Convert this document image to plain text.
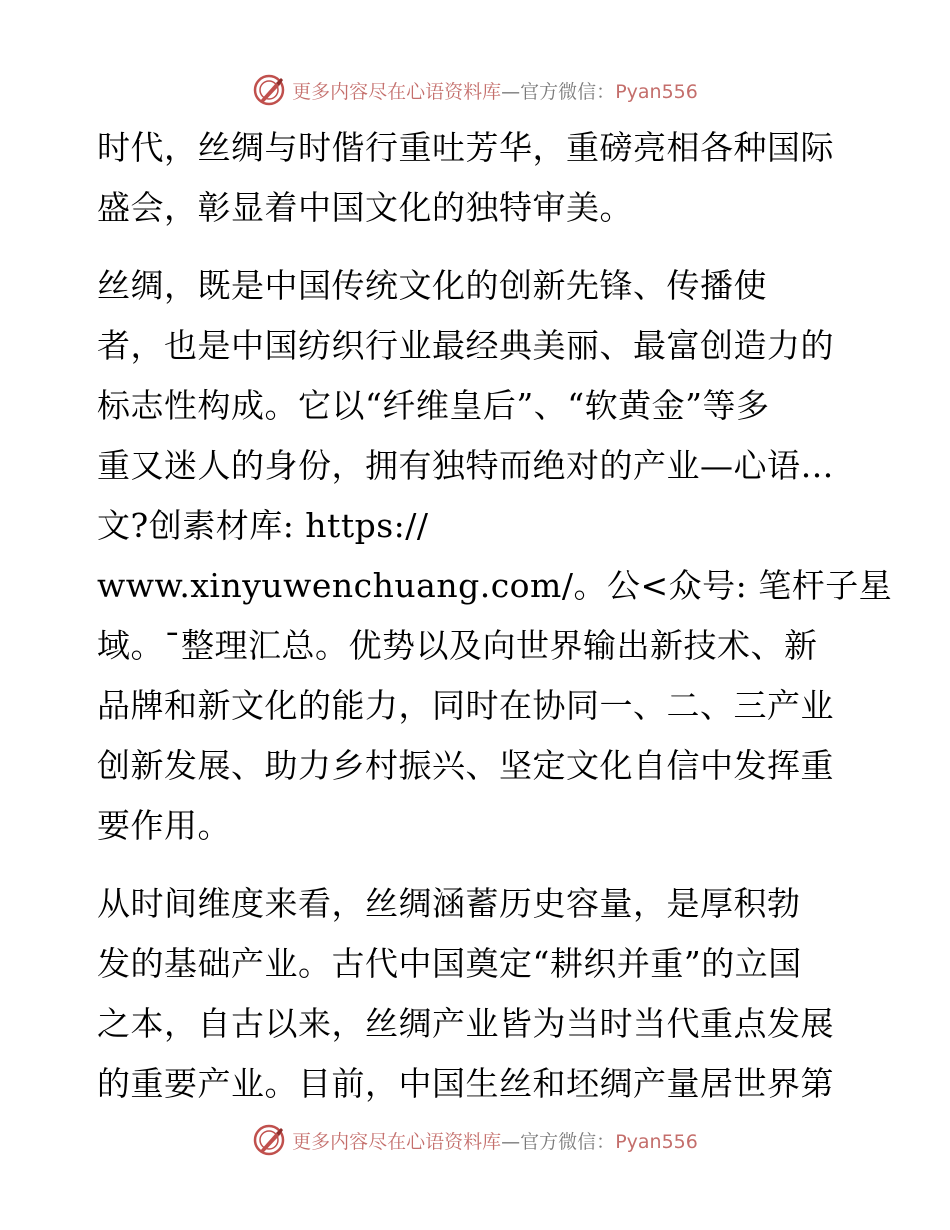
更多内容尽在心语资料库—官方微信：Pyan556
时代，丝绸与时偕行重吐芳华，重磅亮相各种国际
盛会，彰显着中国文化的独特审美。
丝绸，既是中国传统文化的创新先锋、传播使
者，也是中国纺织行业最经典美丽、最富创造力的
标志性构成。它以“纤维皇后”、“软黄金”等多
重又迷人的身份，拥有独特而绝对的产业—心语…
文?创素材库: https://
www.xinyuwenchuang.com/。公<众号: 笔杆子星
域。¯整理汇总。优势以及向世界输出新技术、新
品牌和新文化的能力，同时在协同一、二、三产业
创新发展、助力乡村振兴、坚定文化自信中发挥重
要作用。
从时间维度来看，丝绸涵蓄历史容量，是厚积勃
发的基础产业。古代中国奠定“耕织并重”的立国
之本，自古以来，丝绸产业皆为当时当代重点发展
的重要产业。目前，中国生丝和坯绸产量居世界第
更多内容尽在心语资料库—官方微信：Pyan556
